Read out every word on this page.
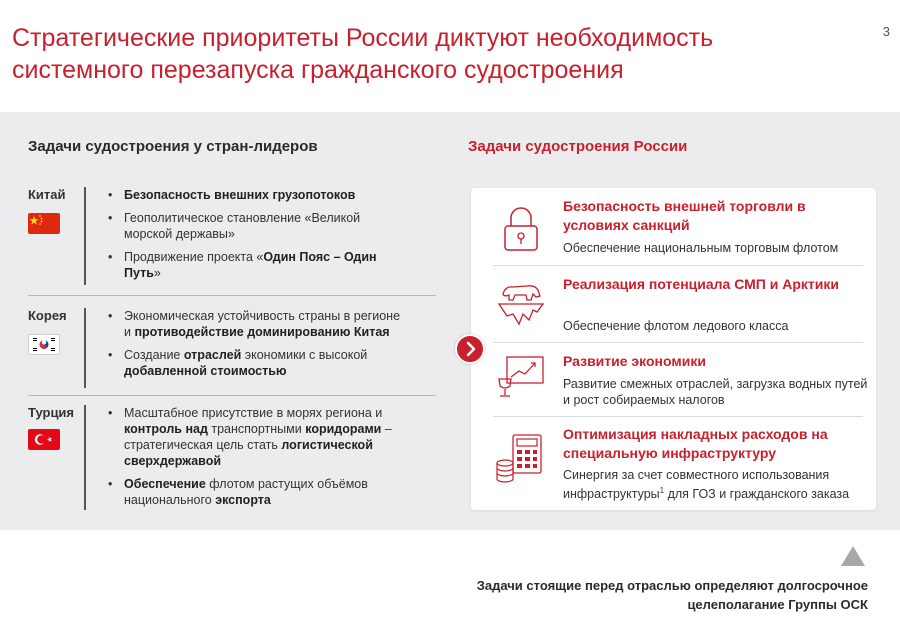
3
Стратегические приоритеты России диктуют необходимость
системного перезапуска гражданского судостроения
Задачи судостроения у стран-лидеров	Задачи судостроения России
Китай	• Безопасность внешних грузопотоков
• Геополитическое становление «Великой морской державы»
• Продвижение проекта «Один Пояс – Один Путь»
Корея	• Экономическая устойчивость страны в регионе и противодействие доминированию Китая
• Создание отраслей экономики с высокой добавленной стоимостью
Турция	• Масштабное присутствие в морях региона и контроль над транспортными коридорами – стратегическая цель стать логистической сверхдержавой
• Обеспечение флотом растущих объёмов национального экспорта
Безопасность внешней торговли в условиях санкций
Обеспечение национальным торговым флотом
Реализация потенциала СМП и Арктики
Обеспечение флотом ледового класса
Развитие экономики
Развитие смежных отраслей, загрузка водных путей и рост собираемых налогов
Оптимизация накладных расходов на специальную инфраструктуру
Синергия за счет совместного использования инфраструктуры$^1$ для ГОЗ и гражданского заказа
Задачи стоящие перед отраслью определяют долгосрочное
целеполагание Группы ОСК
